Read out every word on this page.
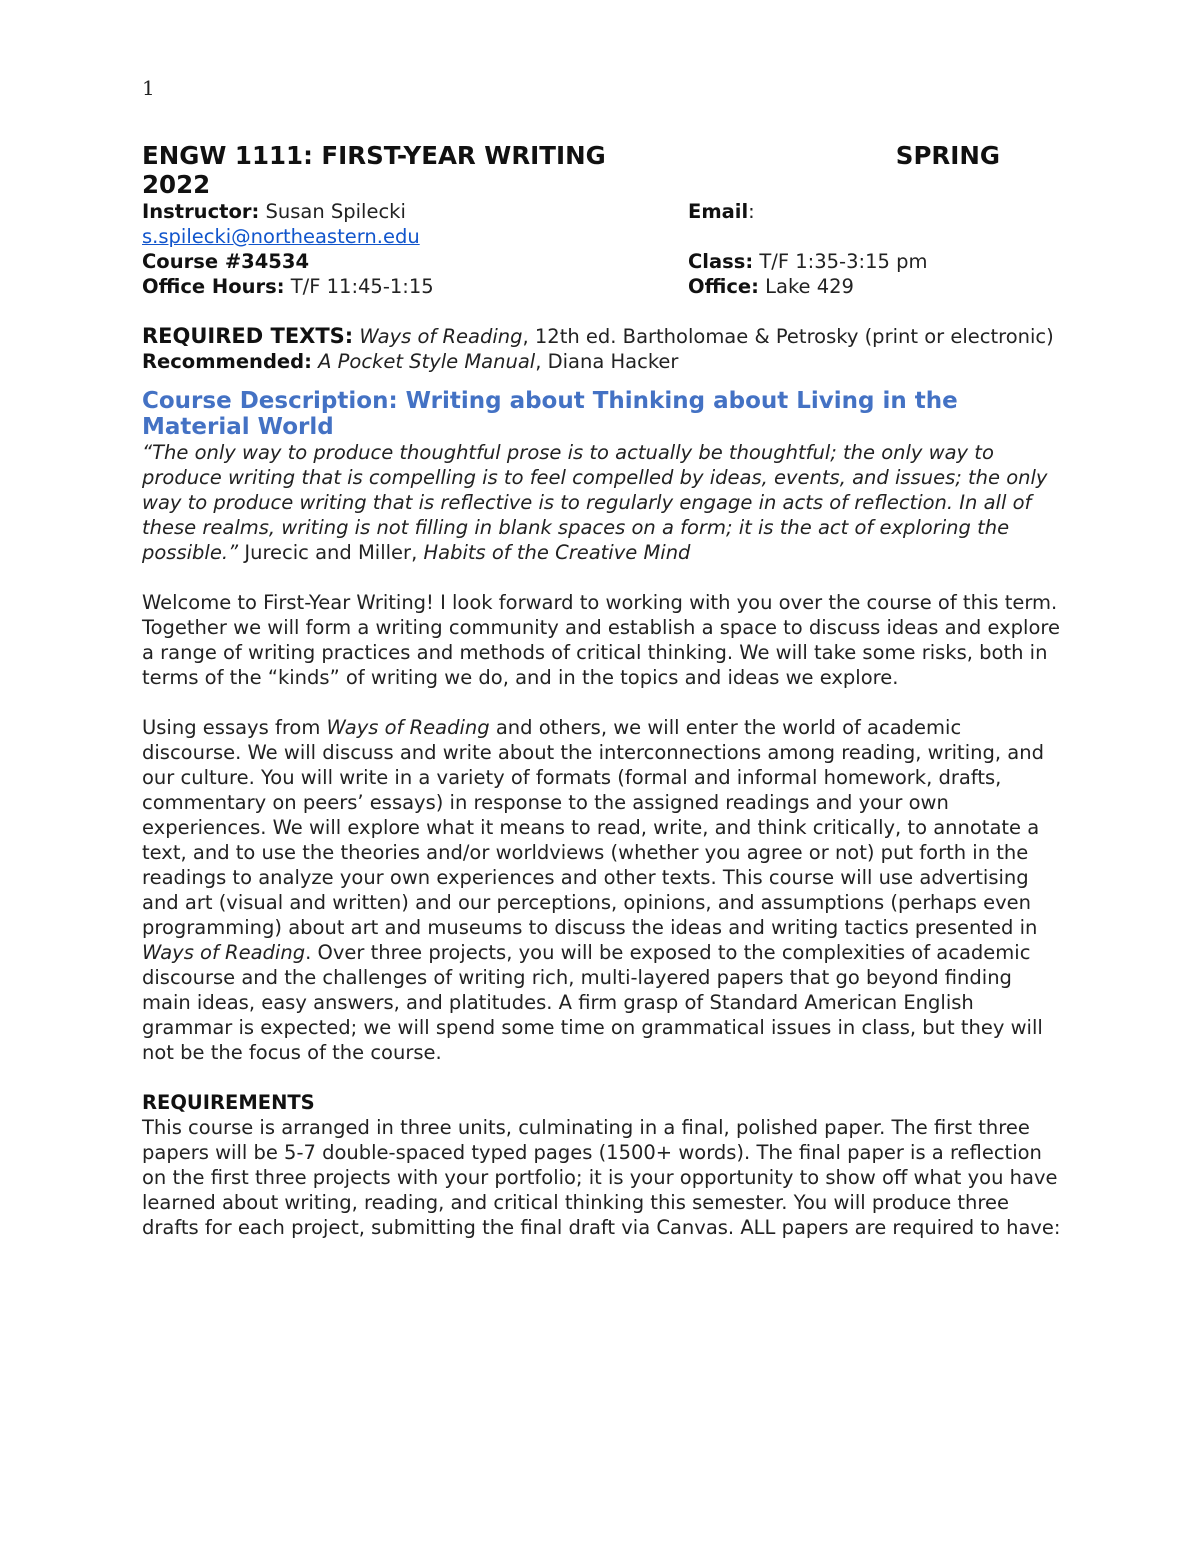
1
ENGW 1111: FIRST-YEAR WRITING	SPRING
2022
Instructor: Susan Spilecki	Email:
s.spilecki@northeastern.edu
Course #34534	Class: T/F 1:35-3:15 pm
Office Hours: T/F 11:45-1:15	Office: Lake 429

REQUIRED TEXTS: Ways of Reading, 12th ed. Bartholomae & Petrosky (print or electronic)

Recommended: A Pocket Style Manual, Diana Hacker

Course Description: Writing about Thinking about Living in the Material World

“The only way to produce thoughtful prose is to actually be thoughtful; the only way to produce writing that is compelling is to feel compelled by ideas, events, and issues; the only way to produce writing that is reflective is to regularly engage in acts of reflection. In all of these realms, writing is not filling in blank spaces on a form; it is the act of exploring the possible.” Jurecic and Miller, Habits of the Creative Mind

Welcome to First-Year Writing! I look forward to working with you over the course of this term. Together we will form a writing community and establish a space to discuss ideas and explore a range of writing practices and methods of critical thinking. We will take some risks, both in terms of the “kinds” of writing we do, and in the topics and ideas we explore.

Using essays from Ways of Reading and others, we will enter the world of academic discourse. We will discuss and write about the interconnections among reading, writing, and our culture. You will write in a variety of formats (formal and informal homework, drafts, commentary on peers’ essays) in response to the assigned readings and your own experiences. We will explore what it means to read, write, and think critically, to annotate a text, and to use the theories and/or worldviews (whether you agree or not) put forth in the readings to analyze your own experiences and other texts. This course will use advertising and art (visual and written) and our perceptions, opinions, and assumptions (perhaps even programming) about art and museums to discuss the ideas and writing tactics presented in Ways of Reading. Over three projects, you will be exposed to the complexities of academic discourse and the challenges of writing rich, multi-layered papers that go beyond finding main ideas, easy answers, and platitudes. A firm grasp of Standard American English grammar is expected; we will spend some time on grammatical issues in class, but they will not be the focus of the course.

REQUIREMENTS

This course is arranged in three units, culminating in a final, polished paper. The first three papers will be 5-7 double-spaced typed pages (1500+ words). The final paper is a reflection on the first three projects with your portfolio; it is your opportunity to show off what you have learned about writing, reading, and critical thinking this semester. You will produce three drafts for each project, submitting the final draft via Canvas. ALL papers are required to have:
